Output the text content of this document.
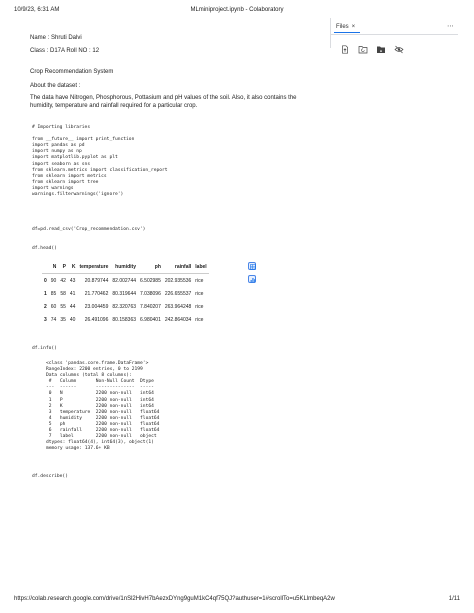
10/9/23, 6:31 AM	MLminiproject.ipynb - Colaboratory
Name : Shruti Dalvi
Class : D17A Roll NO : 12
Crop Recommendation System
About the dataset :
The data have Nitrogen, Phosphorous, Pottasium and pH values of the soil. Also, it also contains the humidity, temperature and rainfall required for a particular crop.
# Importing libraries

from __future__ import print_function
import pandas as pd
import numpy as np
import matplotlib.pyplot as plt
import seaborn as sns
from sklearn.metrics import classification_report
from sklearn import metrics
from sklearn import tree
import warnings
warnings.filterwarnings('ignore')
df=pd.read_csv('Crop_recommendation.csv')
df.head()
	N	P	K	temperature	humidity	ph	rainfall	label
0	90	42	43	20.879744	82.002744	6.502985	202.935536	rice
1	85	58	41	21.770462	80.319644	7.038096	226.655537	rice
2	60	55	44	23.004459	82.320763	7.840207	263.964248	rice
3	74	35	40	26.491096	80.158363	6.980401	242.864034	rice
df.info()
<class 'pandas.core.frame.DataFrame'>
RangeIndex: 2200 entries, 0 to 2199
Data columns (total 8 columns):
#   Column       Non-Null Count  Dtype
---  ------       --------------  -----
0   N            2200 non-null   int64
1   P            2200 non-null   int64
2   K            2200 non-null   int64
3   temperature  2200 non-null   float64
4   humidity     2200 non-null   float64
5   ph           2200 non-null   float64
6   rainfall     2200 non-null   float64
7   label        2200 non-null   object
dtypes: float64(4), int64(3), object(1)
memory usage: 137.6+ KB
df.describe()
Files ×	⋯
https://colab.research.google.com/drive/1nSl2HivH7bAezxDYng9guM1kC4qf75QJ?authuser=1#scrollTo=u5KLlmbeqA2w	1/11
